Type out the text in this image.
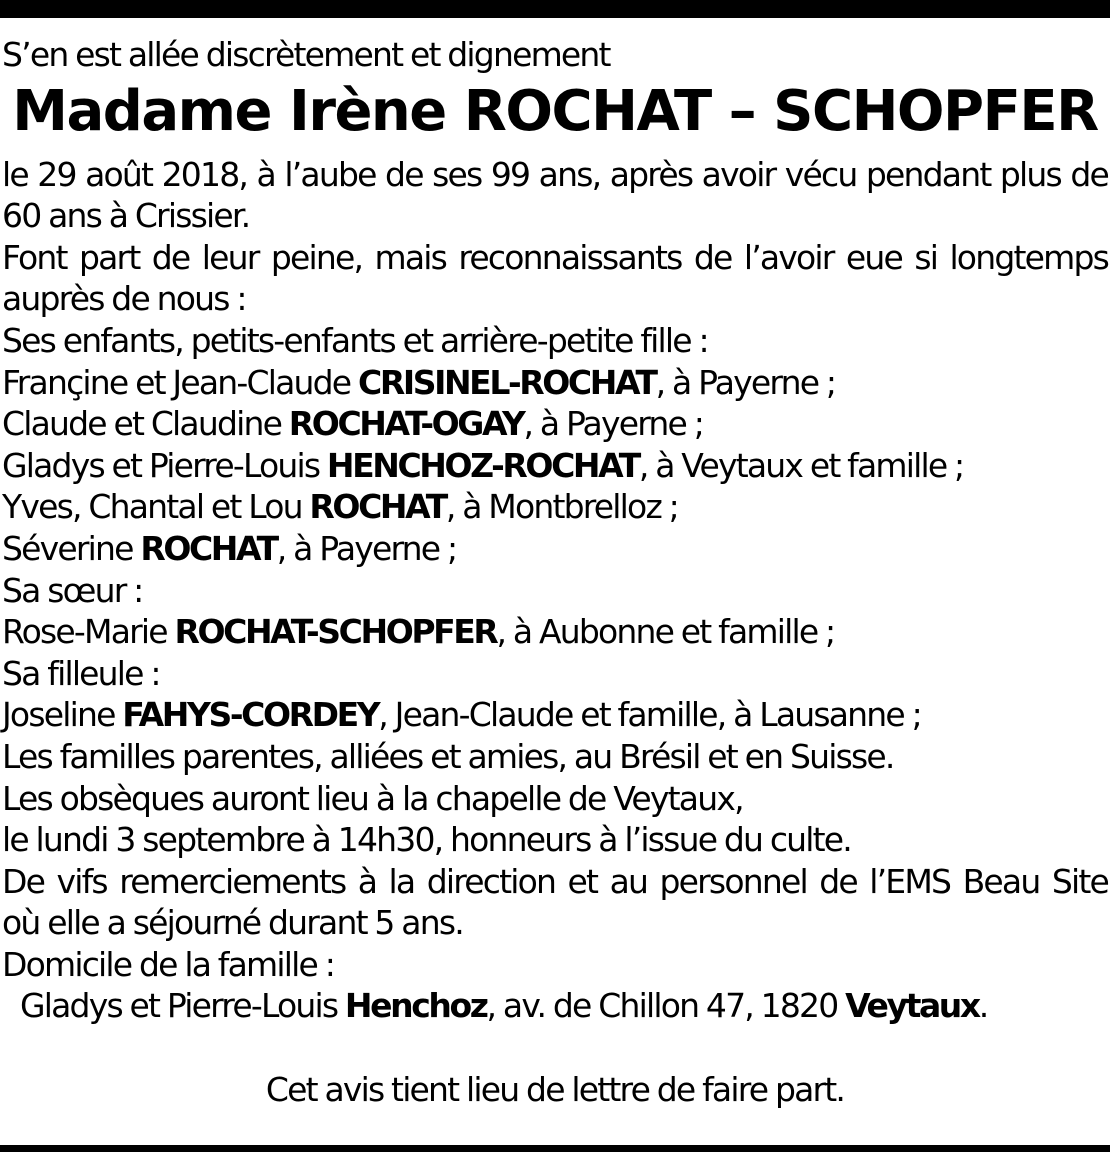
S’en est allée discrètement et dignement
Madame Irène ROCHAT – SCHOPFER
le 29 août 2018, à l’aube de ses 99 ans, après avoir vécu pendant plus de
60 ans à Crissier.
Font part de leur peine, mais reconnaissants de l’avoir eue si longtemps
auprès de nous :
Ses enfants, petits-enfants et arrière-petite fille :
Françine et Jean-Claude CRISINEL-ROCHAT, à Payerne ;
Claude et Claudine ROCHAT-OGAY, à Payerne ;
Gladys et Pierre-Louis HENCHOZ-ROCHAT, à Veytaux et famille ;
Yves, Chantal et Lou ROCHAT, à Montbrelloz ;
Séverine ROCHAT, à Payerne ;
Sa sœur :
Rose-Marie ROCHAT-SCHOPFER, à Aubonne et famille ;
Sa filleule :
Joseline FAHYS-CORDEY, Jean-Claude et famille, à Lausanne ;
Les familles parentes, alliées et amies, au Brésil et en Suisse.
Les obsèques auront lieu à la chapelle de Veytaux,
le lundi 3 septembre à 14h30, honneurs à l’issue du culte.
De vifs remerciements à la direction et au personnel de l’EMS Beau Site
où elle a séjourné durant 5 ans.
Domicile de la famille :
Gladys et Pierre-Louis Henchoz, av. de Chillon 47, 1820 Veytaux.
Cet avis tient lieu de lettre de faire part.
